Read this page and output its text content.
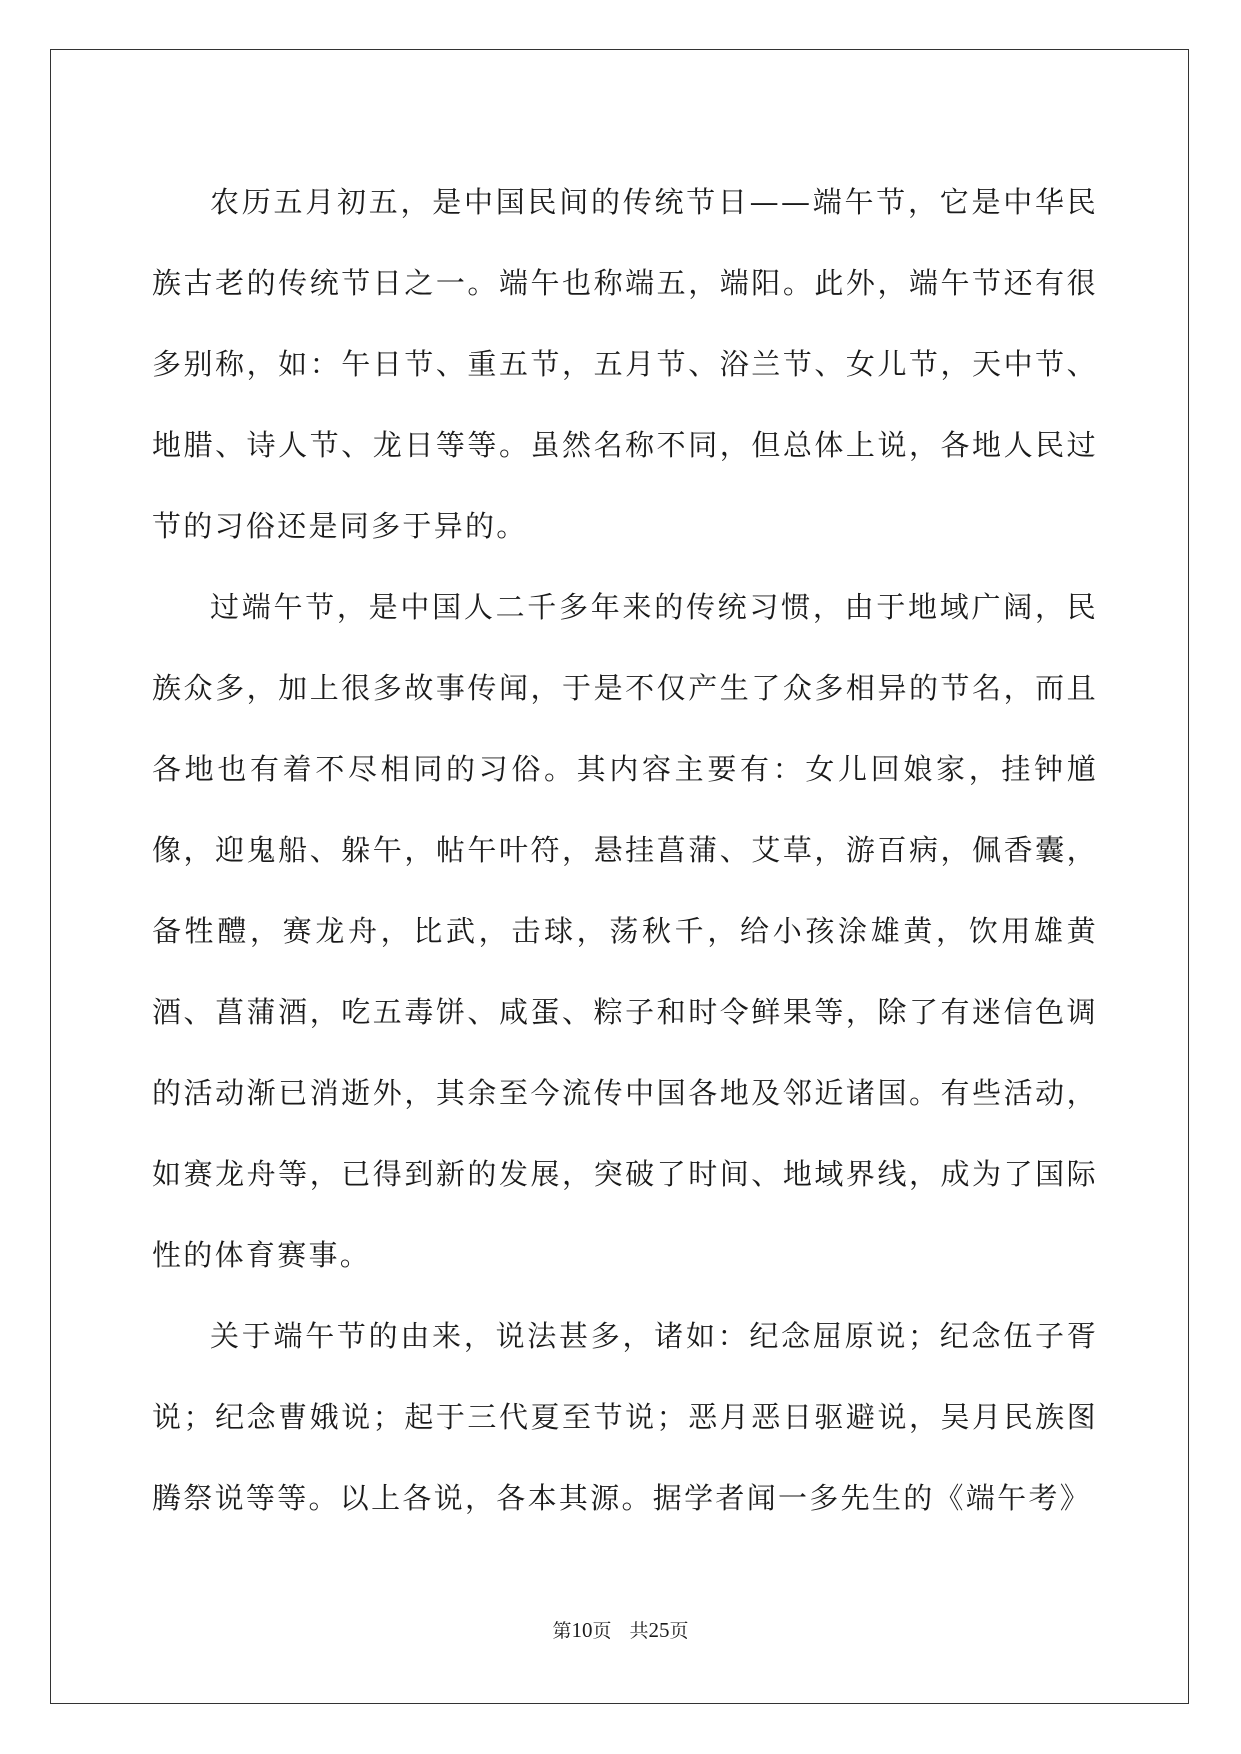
农历五月初五，是中国民间的传统节日——端午节，它是中华民族古老的传统节日之一。端午也称端五，端阳。此外，端午节还有很多别称，如：午日节、重五节，五月节、浴兰节、女儿节，天中节、地腊、诗人节、龙日等等。虽然名称不同，但总体上说，各地人民过节的习俗还是同多于异的。

过端午节，是中国人二千多年来的传统习惯，由于地域广阔，民族众多，加上很多故事传闻，于是不仅产生了众多相异的节名，而且各地也有着不尽相同的习俗。其内容主要有：女儿回娘家，挂钟馗像，迎鬼船、躲午，帖午叶符，悬挂菖蒲、艾草，游百病，佩香囊，备牲醴，赛龙舟，比武，击球，荡秋千，给小孩涂雄黄，饮用雄黄酒、菖蒲酒，吃五毒饼、咸蛋、粽子和时令鲜果等，除了有迷信色调的活动渐已消逝外，其余至今流传中国各地及邻近诸国。有些活动，如赛龙舟等，已得到新的发展，突破了时间、地域界线，成为了国际性的体育赛事。

关于端午节的由来，说法甚多，诸如：纪念屈原说；纪念伍子胥说；纪念曹娥说；起于三代夏至节说；恶月恶日驱避说，吴月民族图腾祭说等等。以上各说，各本其源。据学者闻一多先生的《端午考》

第10页 共25页
